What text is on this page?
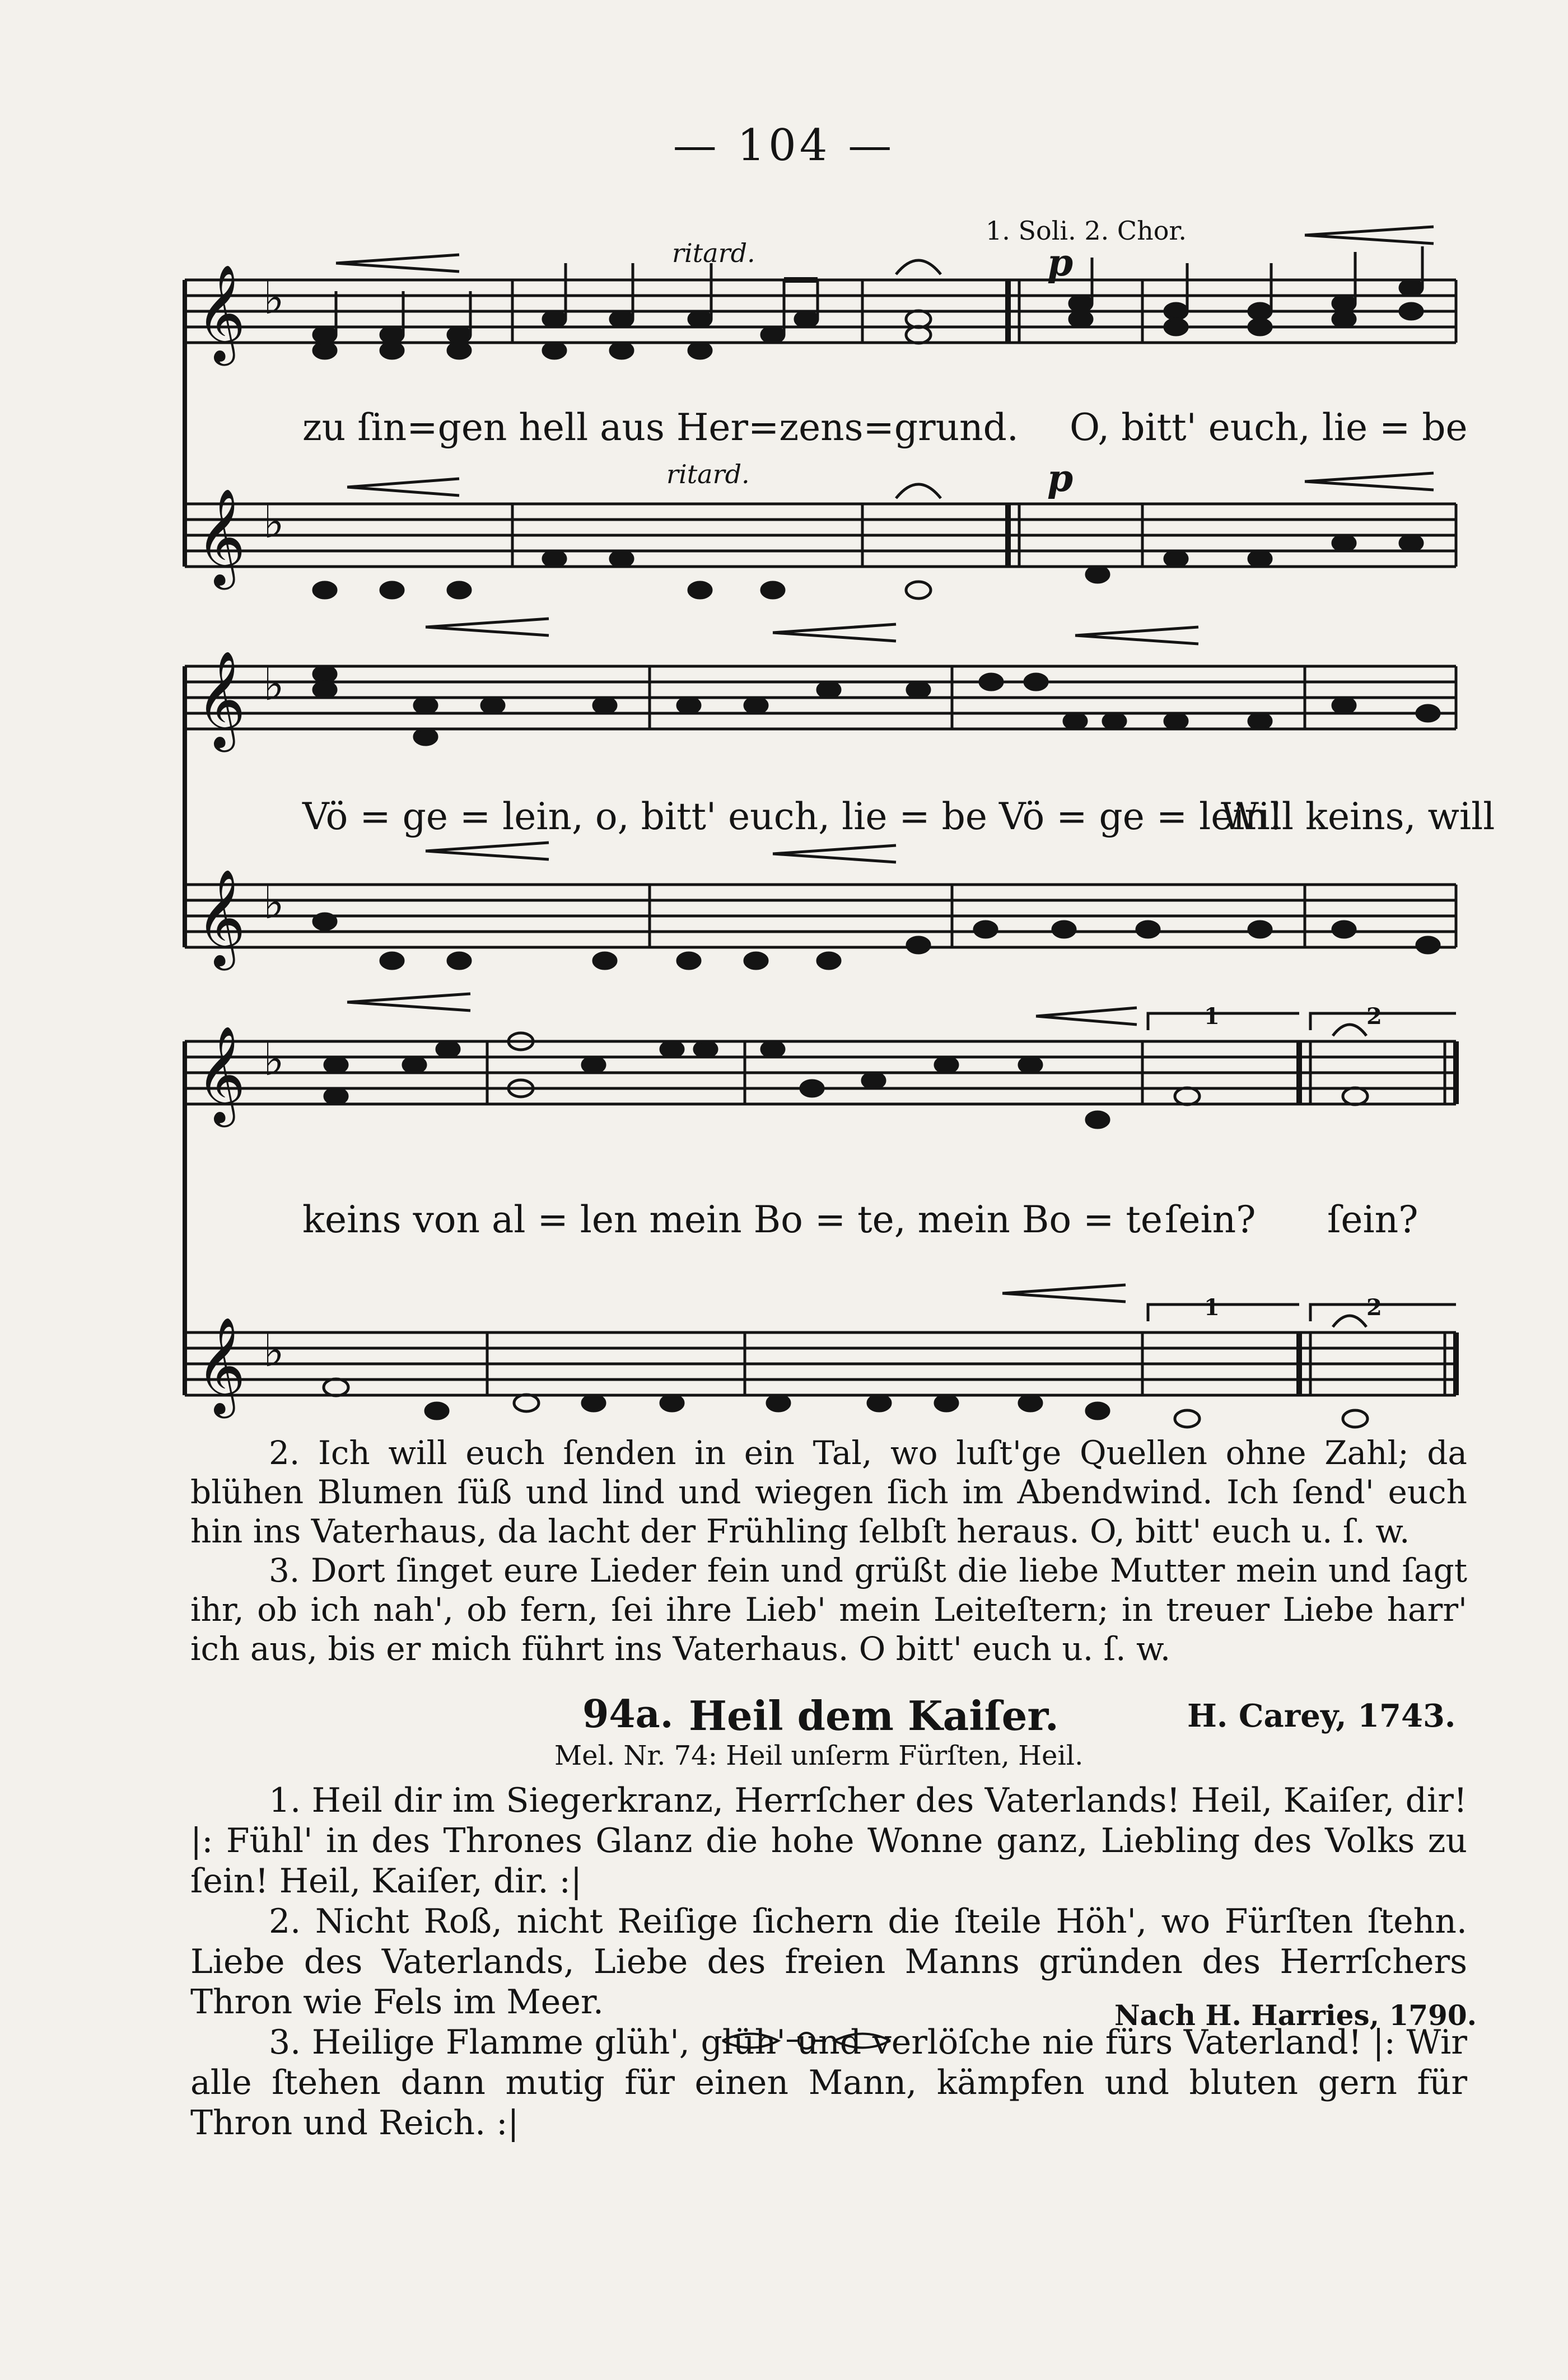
— 104 —
𝄞
𝄞
𝄞
𝄞
𝄞
𝄞
♭
♭
♭
♭
♭
♭
1. Soli. 2. Chor.
ritard.
ritard.
p
p
zu ſin=gen hell aus Her=zens=grund. O, bitt' euch, lie = be
Vö = ge = lein, o, bitt' euch, lie = be Vö = ge = lein!
Will keins, will
keins von al = len mein Bo = te, mein Bo = te ſein? ſein?
1	2
1	2

2. Ich will euch ſenden in ein Tal, wo luſt'ge Quellen ohne Zahl; da blühen Blumen ſüß und lind und wiegen ſich im Abendwind. Ich ſend' euch hin ins Vaterhaus, da lacht der Frühling ſelbſt heraus. O, bitt' euch u. ſ. w.

3. Dort ſinget eure Lieder fein und grüßt die liebe Mutter mein und ſagt ihr, ob ich nah', ob fern, ſei ihre Lieb' mein Leiteſtern; in treuer Liebe harr' ich aus, bis er mich führt ins Vaterhaus. O bitt' euch u. ſ. w.

94a. Heil dem Kaiſer.	H. Carey, 1743.
Mel. Nr. 74: Heil unſerm Fürſten, Heil.

1. Heil dir im Siegerkranz, Herrſcher des Vaterlands! Heil, Kaiſer, dir! |: Fühl' in des Thrones Glanz die hohe Wonne ganz, Liebling des Volks zu ſein! Heil, Kaiſer, dir. :|

2. Nicht Roß, nicht Reiſige ſichern die ſteile Höh', wo Fürſten ſtehn. Liebe des Vaterlands, Liebe des freien Manns gründen des Herrſchers Thron wie Fels im Meer.

3. Heilige Flamme glüh', glüh' und verlöſche nie fürs Vaterland! |: Wir alle ſtehen dann mutig für einen Mann, kämpfen und bluten gern für Thron und Reich. :|

Nach H. Harries, 1790.
